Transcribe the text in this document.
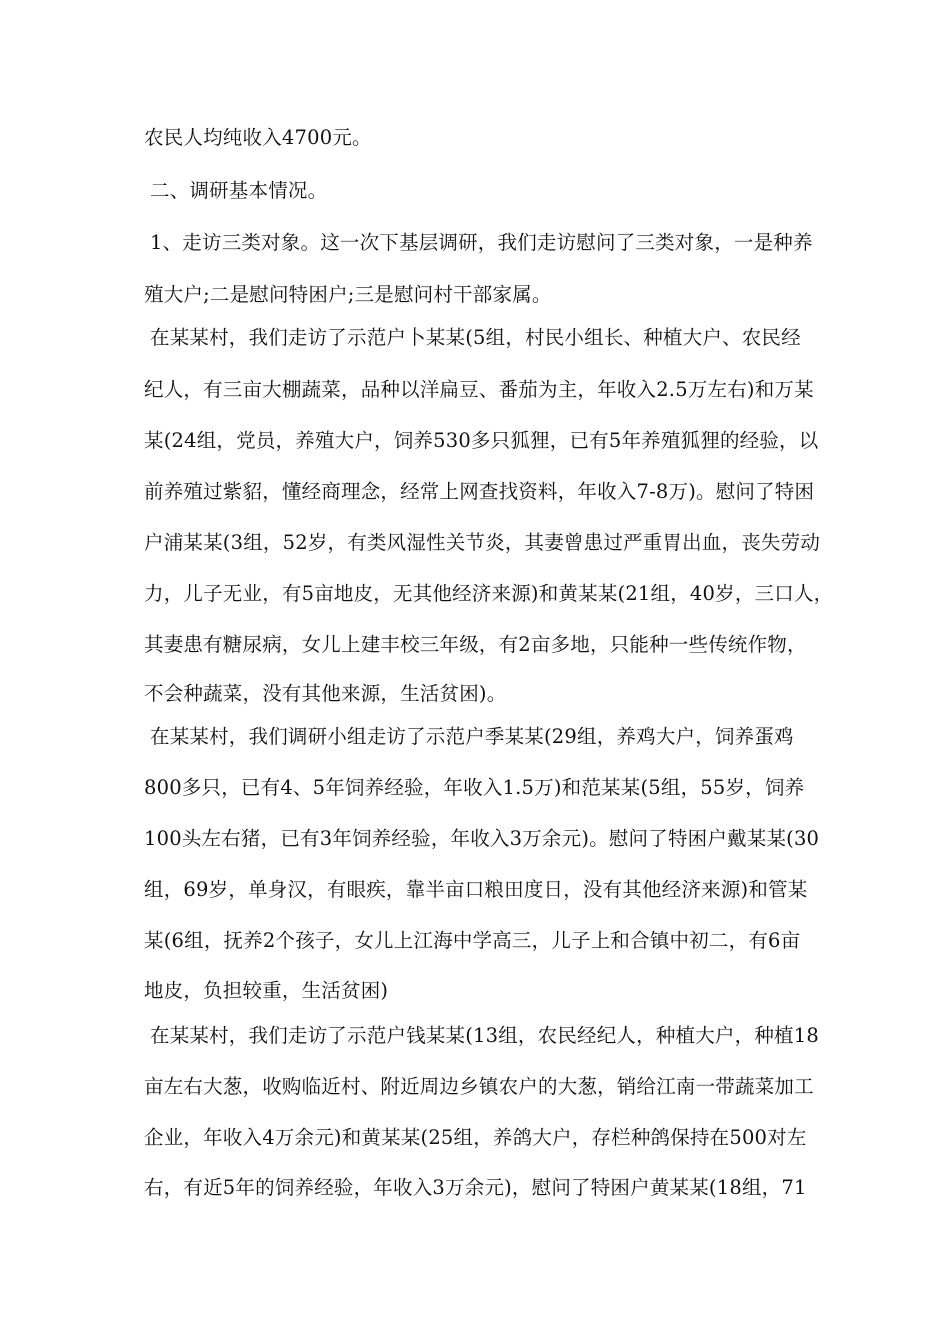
农民人均纯收入4700元。
二、调研基本情况。
1、走访三类对象。这一次下基层调研，我们走访慰问了三类对象，一是种养
殖大户;二是慰问特困户;三是慰问村干部家属。
在某某村，我们走访了示范户卜某某(5组，村民小组长、种植大户、农民经
纪人，有三亩大棚蔬菜，品种以洋扁豆、番茄为主，年收入2.5万左右)和万某
某(24组，党员，养殖大户，饲养530多只狐狸，已有5年养殖狐狸的经验，以
前养殖过紫貂，懂经商理念，经常上网查找资料，年收入7-8万)。慰问了特困
户浦某某(3组，52岁，有类风湿性关节炎，其妻曾患过严重胃出血，丧失劳动
力，儿子无业，有5亩地皮，无其他经济来源)和黄某某(21组，40岁，三口人，
其妻患有糖尿病，女儿上建丰校三年级，有2亩多地，只能种一些传统作物，
不会种蔬菜，没有其他来源，生活贫困)。
在某某村，我们调研小组走访了示范户季某某(29组，养鸡大户，饲养蛋鸡
800多只，已有4、5年饲养经验，年收入1.5万)和范某某(5组，55岁，饲养
100头左右猪，已有3年饲养经验，年收入3万余元)。慰问了特困户戴某某(30
组，69岁，单身汉，有眼疾，靠半亩口粮田度日，没有其他经济来源)和管某
某(6组，抚养2个孩子，女儿上江海中学高三，儿子上和合镇中初二，有6亩
地皮，负担较重，生活贫困)
在某某村，我们走访了示范户钱某某(13组，农民经纪人，种植大户，种植18
亩左右大葱，收购临近村、附近周边乡镇农户的大葱，销给江南一带蔬菜加工
企业，年收入4万余元)和黄某某(25组，养鸽大户，存栏种鸽保持在500对左
右，有近5年的饲养经验，年收入3万余元)，慰问了特困户黄某某(18组，71
